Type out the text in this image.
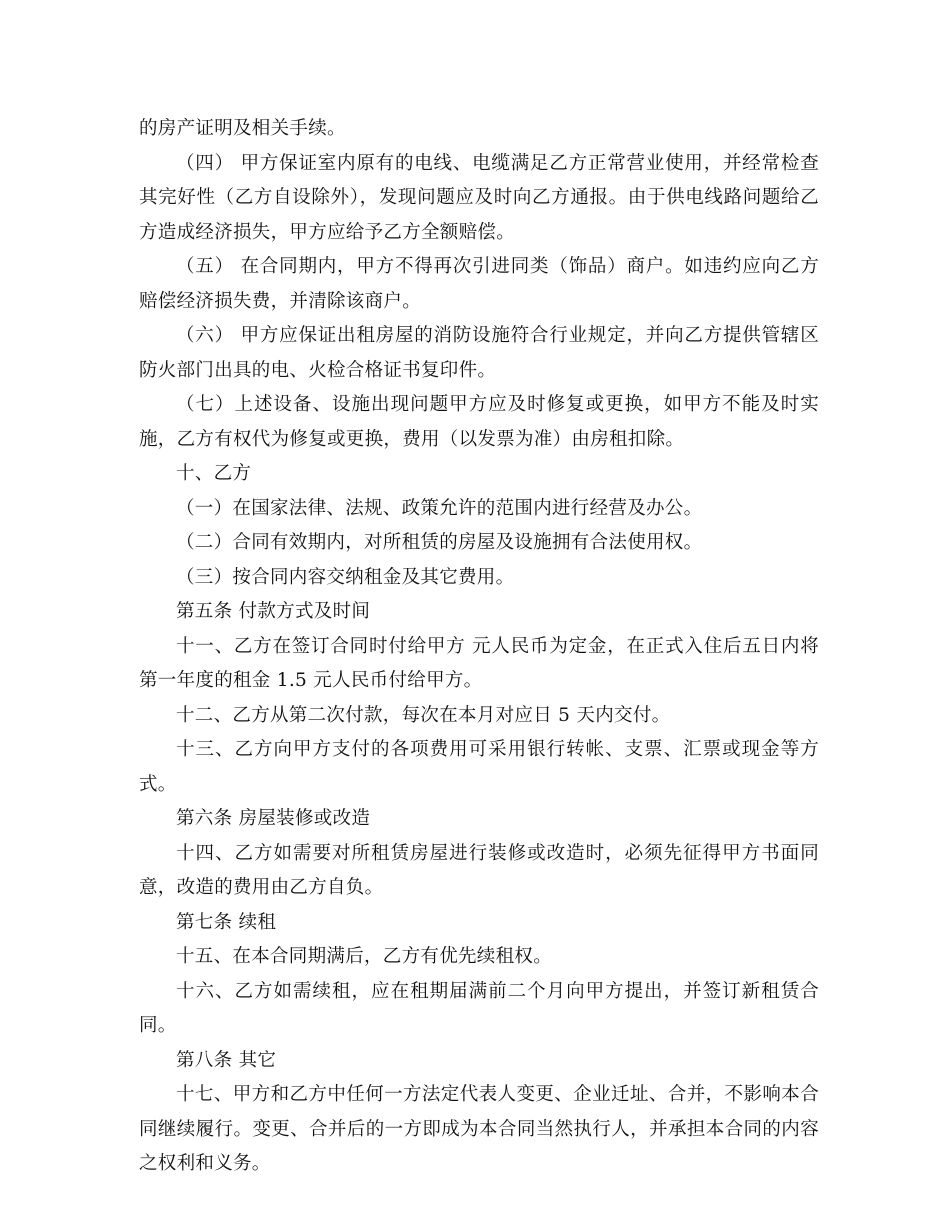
的房产证明及相关手续。

（四） 甲方保证室内原有的电线、电缆满足乙方正常营业使用，并经常检查其完好性（乙方自设除外），发现问题应及时向乙方通报。由于供电线路问题给乙方造成经济损失，甲方应给予乙方全额赔偿。

（五） 在合同期内，甲方不得再次引进同类（饰品）商户。如违约应向乙方赔偿经济损失费，并清除该商户。

（六） 甲方应保证出租房屋的消防设施符合行业规定，并向乙方提供管辖区防火部门出具的电、火检合格证书复印件。

（七）上述设备、设施出现问题甲方应及时修复或更换，如甲方不能及时实施，乙方有权代为修复或更换，费用（以发票为准）由房租扣除。

十、乙方

（一）在国家法律、法规、政策允许的范围内进行经营及办公。

（二）合同有效期内，对所租赁的房屋及设施拥有合法使用权。

（三）按合同内容交纳租金及其它费用。

第五条 付款方式及时间

十一、乙方在签订合同时付给甲方 元人民币为定金，在正式入住后五日内将第一年度的租金 1.5 元人民币付给甲方。

十二、乙方从第二次付款，每次在本月对应日 5 天内交付。

十三、乙方向甲方支付的各项费用可采用银行转帐、支票、汇票或现金等方式。

第六条 房屋装修或改造

十四、乙方如需要对所租赁房屋进行装修或改造时，必须先征得甲方书面同意，改造的费用由乙方自负。

第七条 续租

十五、在本合同期满后，乙方有优先续租权。

十六、乙方如需续租，应在租期届满前二个月向甲方提出，并签订新租赁合同。

第八条 其它

十七、甲方和乙方中任何一方法定代表人变更、企业迁址、合并，不影响本合同继续履行。变更、合并后的一方即成为本合同当然执行人，并承担本合同的内容之权利和义务。
